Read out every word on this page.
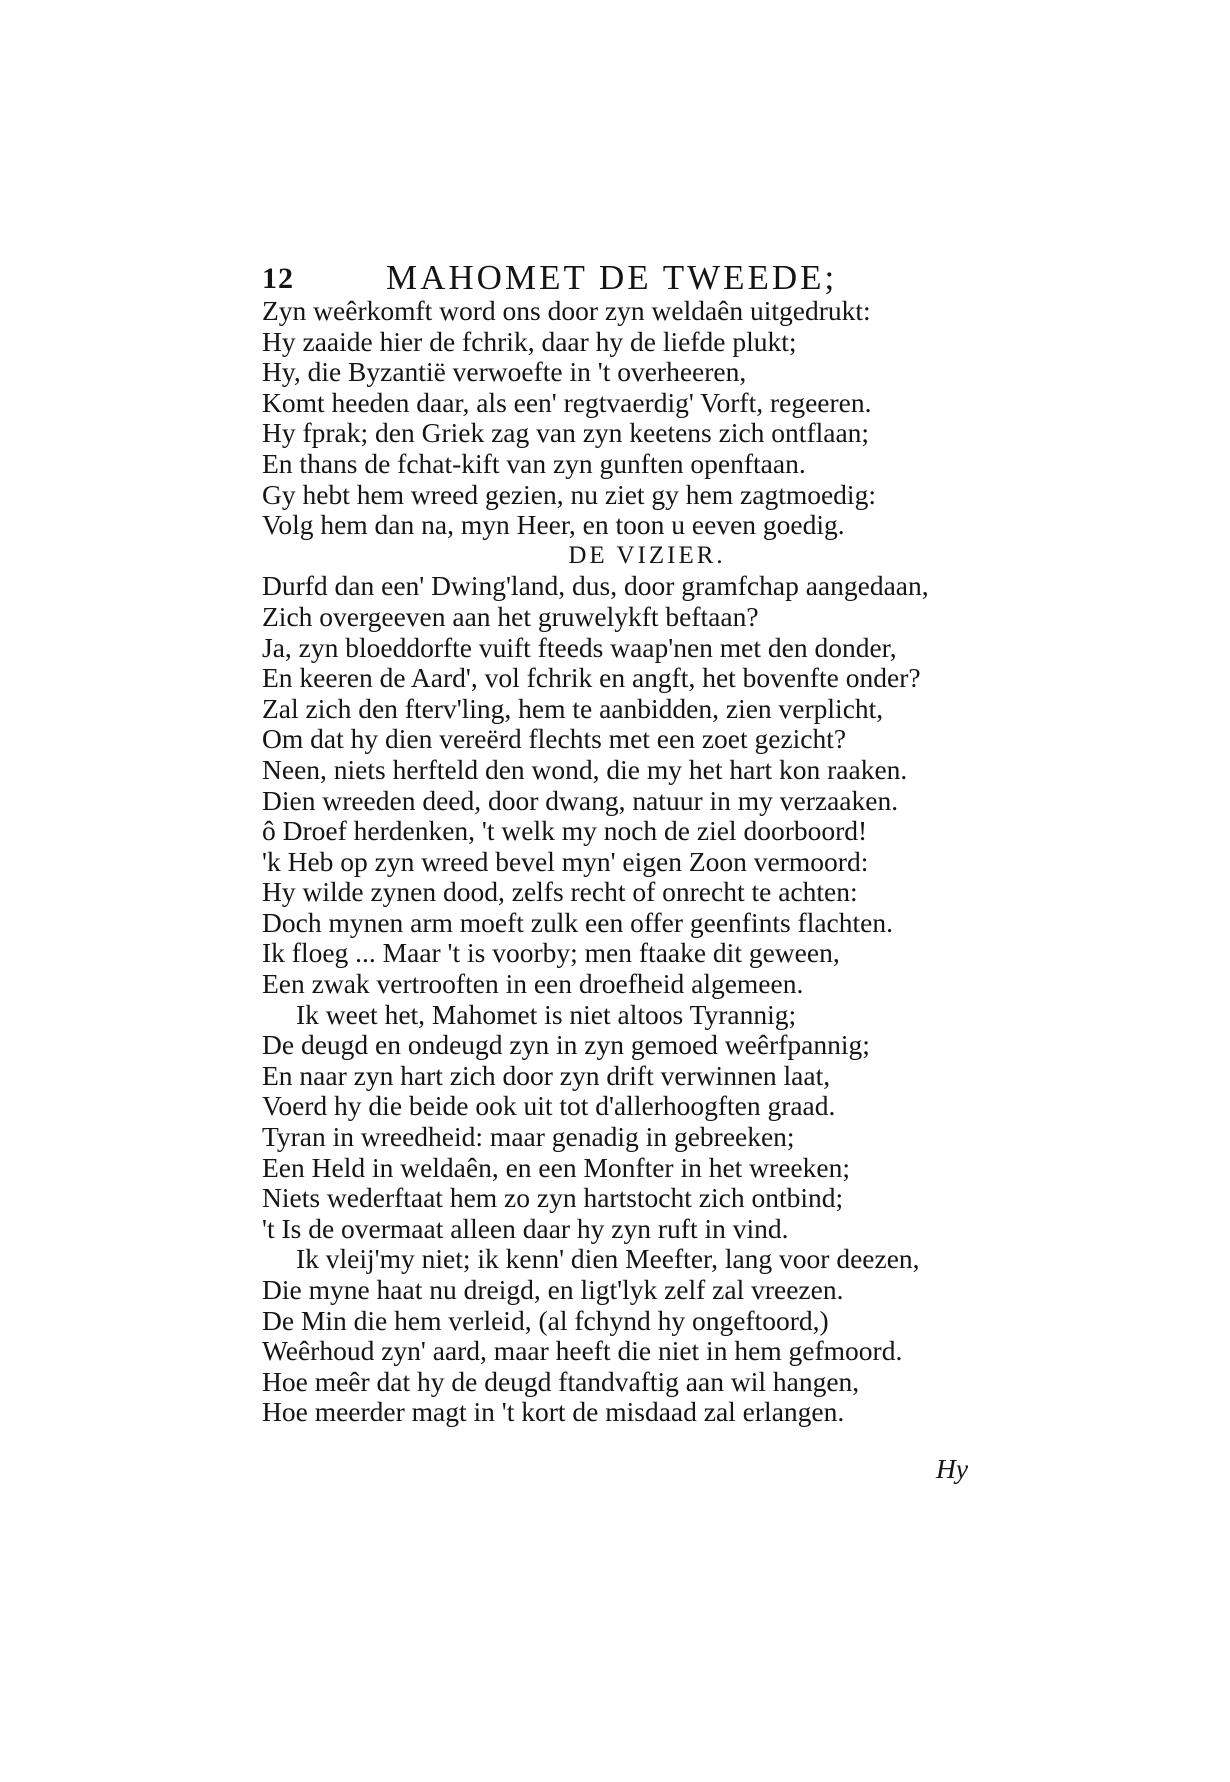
12	MAHOMET DE TWEEDE;
Zyn weêrkomft word ons door zyn weldaên uitgedrukt:
Hy zaaide hier de fchrik, daar hy de liefde plukt;
Hy, die Byzantië verwoefte in 't overheeren,
Komt heeden daar, als een' regtvaerdig' Vorft, regeeren.
Hy fprak; den Griek zag van zyn keetens zich ontflaan;
En thans de fchat-kift van zyn gunften openftaan.
Gy hebt hem wreed gezien, nu ziet gy hem zagtmoedig:
Volg hem dan na, myn Heer, en toon u eeven goedig.
DE VIZIER.
Durfd dan een' Dwing'land, dus, door gramfchap aangedaan,
Zich overgeeven aan het gruwelykft beftaan?
Ja, zyn bloeddorfte vuift fteeds waap'nen met den donder,
En keeren de Aard', vol fchrik en angft, het bovenfte onder?
Zal zich den fterv'ling, hem te aanbidden, zien verplicht,
Om dat hy dien vereërd flechts met een zoet gezicht?
Neen, niets herfteld den wond, die my het hart kon raaken.
Dien wreeden deed, door dwang, natuur in my verzaaken.
ô Droef herdenken, 't welk my noch de ziel doorboord!
'k Heb op zyn wreed bevel myn' eigen Zoon vermoord:
Hy wilde zynen dood, zelfs recht of onrecht te achten:
Doch mynen arm moeft zulk een offer geenfints flachten.
Ik floeg ... Maar 't is voorby; men ftaake dit geween,
Een zwak vertrooften in een droefheid algemeen.
Ik weet het, Mahomet is niet altoos Tyrannig;
De deugd en ondeugd zyn in zyn gemoed weêrfpannig;
En naar zyn hart zich door zyn drift verwinnen laat,
Voerd hy die beide ook uit tot d'allerhoogften graad.
Tyran in wreedheid: maar genadig in gebreeken;
Een Held in weldaên, en een Monfter in het wreeken;
Niets wederftaat hem zo zyn hartstocht zich ontbind;
't Is de overmaat alleen daar hy zyn ruft in vind.
Ik vleij'my niet; ik kenn' dien Meefter, lang voor deezen,
Die myne haat nu dreigd, en ligt'lyk zelf zal vreezen.
De Min die hem verleid, (al fchynd hy ongeftoord,)
Weêrhoud zyn' aard, maar heeft die niet in hem gefmoord.
Hoe meêr dat hy de deugd ftandvaftig aan wil hangen,
Hoe meerder magt in 't kort de misdaad zal erlangen.
Hy
